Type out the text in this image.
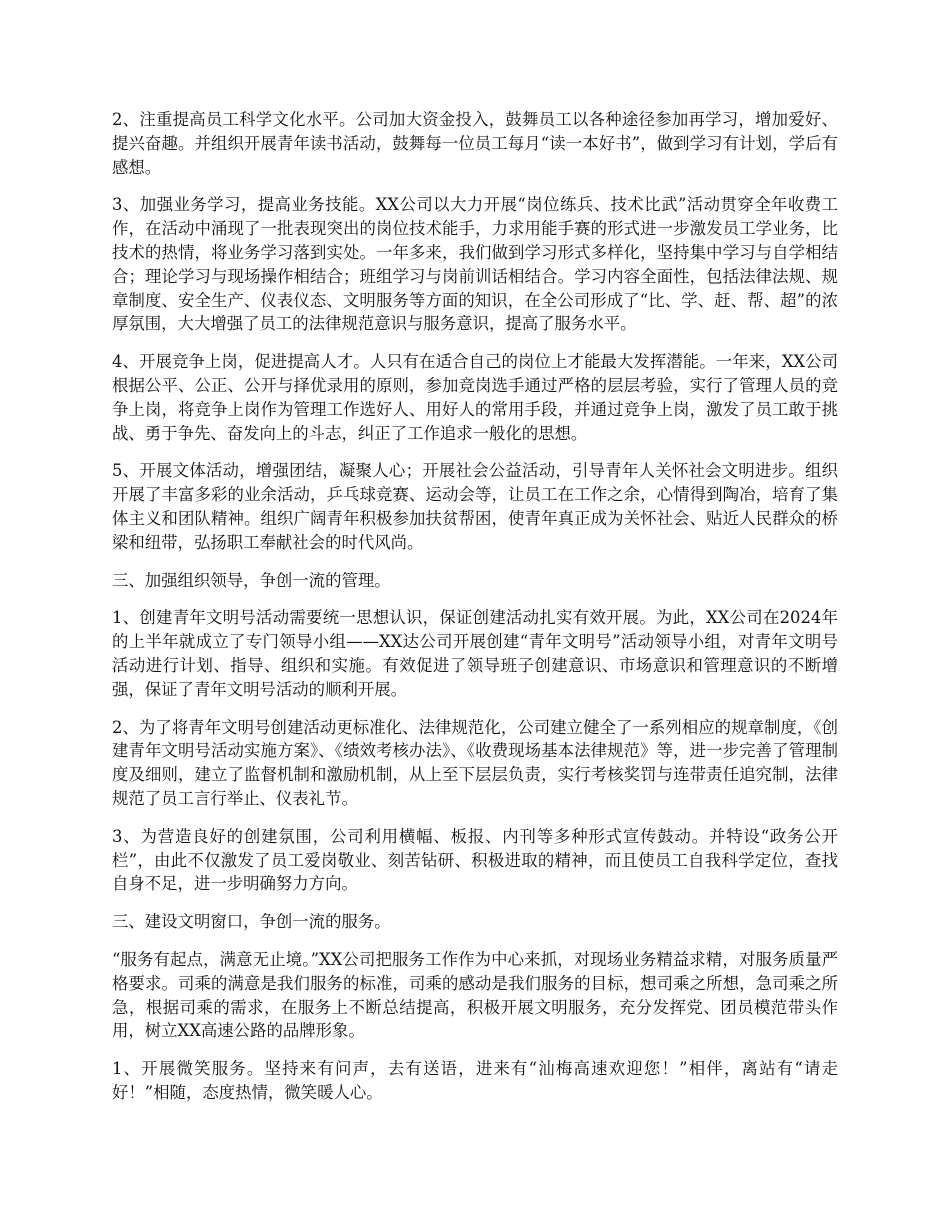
2、注重提高员工科学文化水平。公司加大资金投入，鼓舞员工以各种途径参加再学习，增加爱好、提兴奋趣。并组织开展青年读书活动，鼓舞每一位员工每月“读一本好书”，做到学习有计划，学后有感想。

3、加强业务学习，提高业务技能。XX公司以大力开展“岗位练兵、技术比武”活动贯穿全年收费工作，在活动中涌现了一批表现突出的岗位技术能手，力求用能手赛的形式进一步激发员工学业务，比技术的热情，将业务学习落到实处。一年多来，我们做到学习形式多样化，坚持集中学习与自学相结合；理论学习与现场操作相结合；班组学习与岗前训话相结合。学习内容全面性，包括法律法规、规章制度、安全生产、仪表仪态、文明服务等方面的知识，在全公司形成了“比、学、赶、帮、超”的浓厚氛围，大大增强了员工的法律规范意识与服务意识，提高了服务水平。

4、开展竞争上岗，促进提高人才。人只有在适合自己的岗位上才能最大发挥潜能。一年来，XX公司根据公平、公正、公开与择优录用的原则，参加竞岗选手通过严格的层层考验，实行了管理人员的竞争上岗，将竞争上岗作为管理工作选好人、用好人的常用手段，并通过竞争上岗，激发了员工敢于挑战、勇于争先、奋发向上的斗志，纠正了工作追求一般化的思想。

5、开展文体活动，增强团结，凝聚人心；开展社会公益活动，引导青年人关怀社会文明进步。组织开展了丰富多彩的业余活动，乒乓球竞赛、运动会等，让员工在工作之余，心情得到陶冶，培育了集体主义和团队精神。组织广阔青年积极参加扶贫帮困，使青年真正成为关怀社会、贴近人民群众的桥梁和纽带，弘扬职工奉献社会的时代风尚。

三、加强组织领导，争创一流的管理。

1、创建青年文明号活动需要统一思想认识，保证创建活动扎实有效开展。为此，XX公司在2024年的上半年就成立了专门领导小组——XX达公司开展创建“青年文明号”活动领导小组，对青年文明号活动进行计划、指导、组织和实施。有效促进了领导班子创建意识、市场意识和管理意识的不断增强，保证了青年文明号活动的顺利开展。

2、为了将青年文明号创建活动更标准化、法律规范化，公司建立健全了一系列相应的规章制度，《创建青年文明号活动实施方案》、《绩效考核办法》、《收费现场基本法律规范》等，进一步完善了管理制度及细则，建立了监督机制和激励机制，从上至下层层负责，实行考核奖罚与连带责任追究制，法律规范了员工言行举止、仪表礼节。

3、为营造良好的创建氛围，公司利用横幅、板报、内刊等多种形式宣传鼓动。并特设“政务公开栏”，由此不仅激发了员工爱岗敬业、刻苦钻研、积极进取的精神，而且使员工自我科学定位，查找自身不足，进一步明确努力方向。

三、建设文明窗口，争创一流的服务。

“服务有起点，满意无止境。”XX公司把服务工作作为中心来抓，对现场业务精益求精，对服务质量严格要求。司乘的满意是我们服务的标准，司乘的感动是我们服务的目标，想司乘之所想，急司乘之所急，根据司乘的需求，在服务上不断总结提高，积极开展文明服务，充分发挥党、团员模范带头作用，树立XX高速公路的品牌形象。

1、开展微笑服务。坚持来有问声，去有送语，进来有“汕梅高速欢迎您！”相伴，离站有“请走好！”相随，态度热情，微笑暖人心。
